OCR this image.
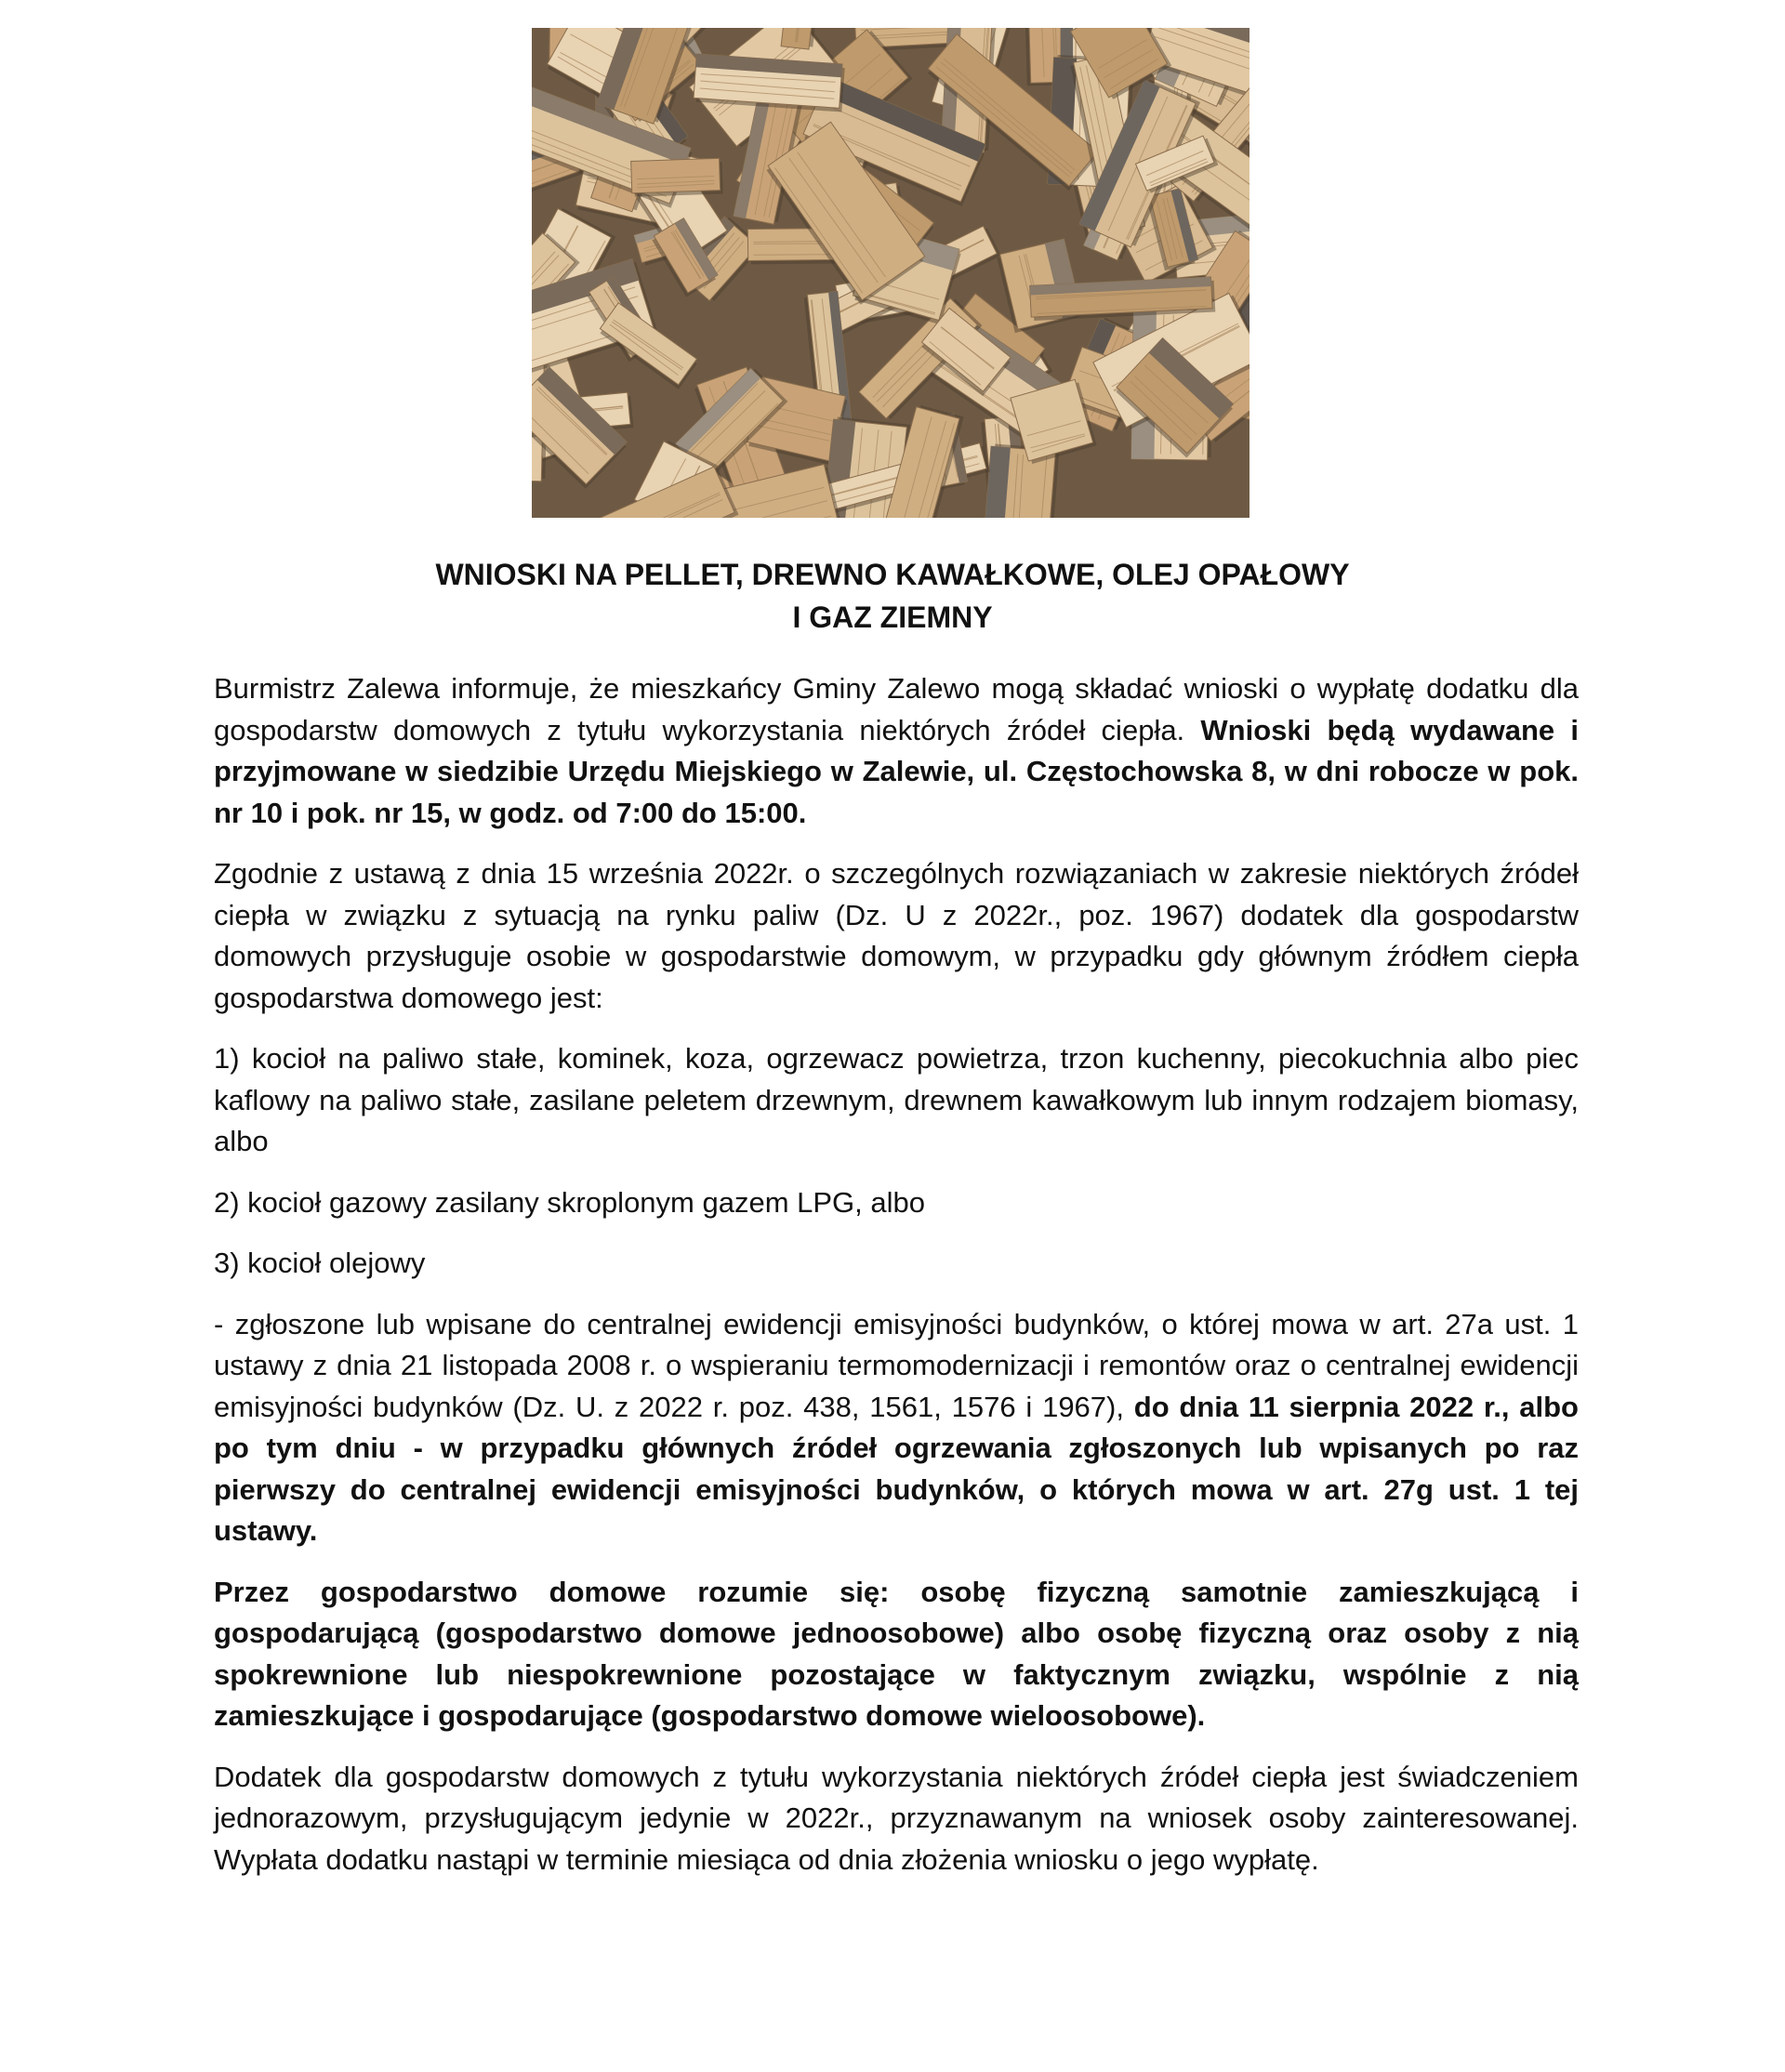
WNIOSKI NA PELLET, DREWNO KAWAŁKOWE, OLEJ OPAŁOWY
I GAZ ZIEMNY

Burmistrz Zalewa informuje, że mieszkańcy Gminy Zalewo mogą składać wnioski o wypłatę dodatku dla gospodarstw domowych z tytułu wykorzystania niektórych źródeł ciepła. Wnioski będą wydawane i przyjmowane w siedzibie Urzędu Miejskiego w Zalewie, ul. Częstochowska 8, w dni robocze w pok. nr 10 i pok. nr 15, w godz. od 7:00 do 15:00.

Zgodnie z ustawą z dnia 15 września 2022r. o szczególnych rozwiązaniach w zakresie niektórych źródeł ciepła w związku z sytuacją na rynku paliw (Dz. U z 2022r., poz. 1967) dodatek dla gospodarstw domowych przysługuje osobie w gospodarstwie domowym, w przypadku gdy głównym źródłem ciepła gospodarstwa domowego jest:

1) kocioł na paliwo stałe, kominek, koza, ogrzewacz powietrza, trzon kuchenny, piecokuchnia albo piec kaflowy na paliwo stałe, zasilane peletem drzewnym, drewnem kawałkowym lub innym rodzajem biomasy, albo

2) kocioł gazowy zasilany skroplonym gazem LPG, albo

3) kocioł olejowy

- zgłoszone lub wpisane do centralnej ewidencji emisyjności budynków, o której mowa w art. 27a ust. 1 ustawy z dnia 21 listopada 2008 r. o wspieraniu termomodernizacji i remontów oraz o centralnej ewidencji emisyjności budynków (Dz. U. z 2022 r. poz. 438, 1561, 1576 i 1967), do dnia 11 sierpnia 2022 r., albo po tym dniu - w przypadku głównych źródeł ogrzewania zgłoszonych lub wpisanych po raz pierwszy do centralnej ewidencji emisyjności budynków, o których mowa w art. 27g ust. 1 tej ustawy.

Przez gospodarstwo domowe rozumie się: osobę fizyczną samotnie zamieszkującą i gospodarującą (gospodarstwo domowe jednoosobowe) albo osobę fizyczną oraz osoby z nią spokrewnione lub niespokrewnione pozostające w faktycznym związku, wspólnie z nią zamieszkujące i gospodarujące (gospodarstwo domowe wieloosobowe).

Dodatek dla gospodarstw domowych z tytułu wykorzystania niektórych źródeł ciepła jest świadczeniem jednorazowym, przysługującym jedynie w 2022r., przyznawanym na wniosek osoby zainteresowanej. Wypłata dodatku nastąpi w terminie miesiąca od dnia złożenia wniosku o jego wypłatę.
